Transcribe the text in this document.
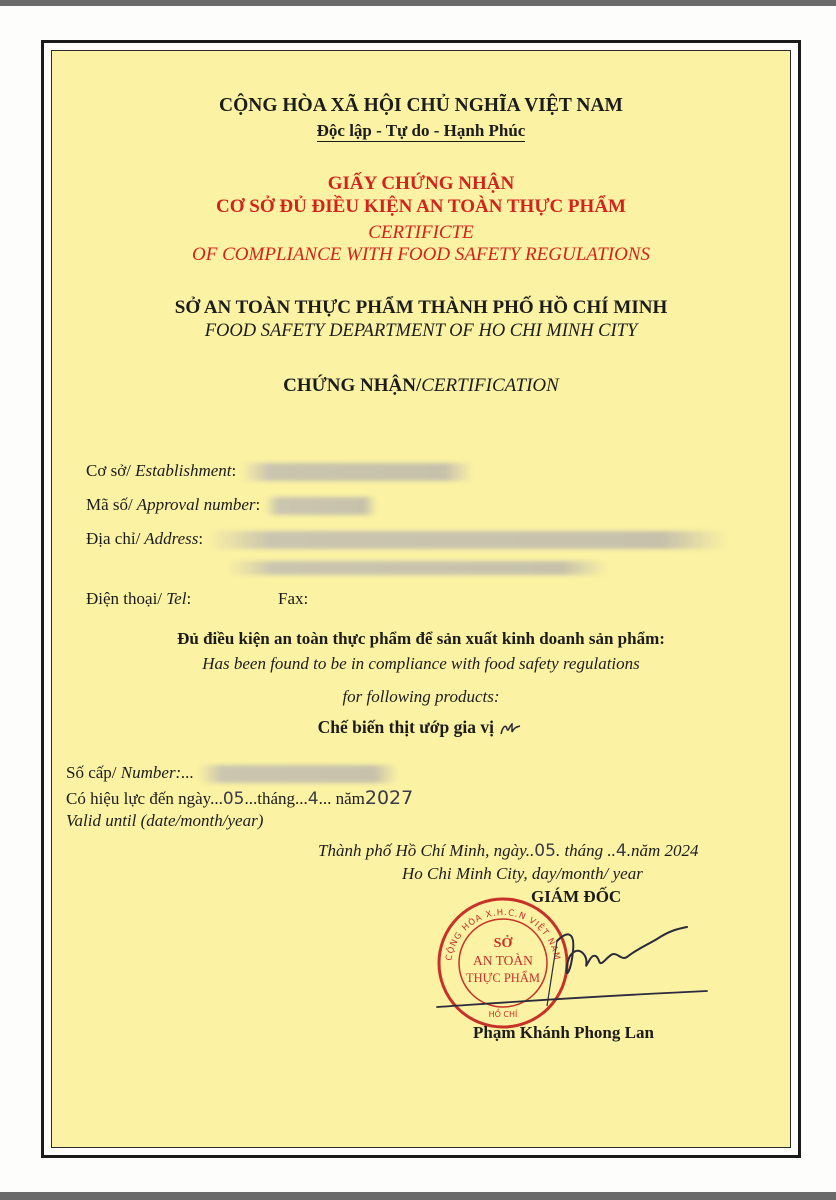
CỘNG HÒA XÃ HỘI CHỦ NGHĨA VIỆT NAM
Độc lập - Tự do - Hạnh Phúc
GIẤY CHỨNG NHẬN
CƠ SỞ ĐỦ ĐIỀU KIỆN AN TOÀN THỰC PHẨM
CERTIFICTE
OF COMPLIANCE WITH FOOD SAFETY REGULATIONS
SỞ AN TOÀN THỰC PHẨM THÀNH PHỐ HỒ CHÍ MINH
FOOD SAFETY DEPARTMENT OF HO CHI MINH CITY
CHỨNG NHẬN/CERTIFICATION
Cơ sở/ Establishment:
Mã số/ Approval number:
Địa chỉ/ Address:
Điện thoại/ Tel:	Fax:
Đủ điều kiện an toàn thực phẩm để sản xuất kinh doanh sản phẩm:
Has been found to be in compliance with food safety regulations
for following products:
Chế biến thịt ướp gia vị
Số cấp/ Number:...
Có hiệu lực đến ngày...05...tháng...4... năm2027
Valid until (date/month/year)
Thành phố Hồ Chí Minh, ngày..05. tháng ..4.năm 2024
Ho Chi Minh City, day/month/ year
GIÁM ĐỐC
CỘNG HÒA X.H.C.N VIỆT NAM
SỞ
AN TOÀN
THỰC PHẨM
HỒ CHÍ
Phạm Khánh Phong Lan
